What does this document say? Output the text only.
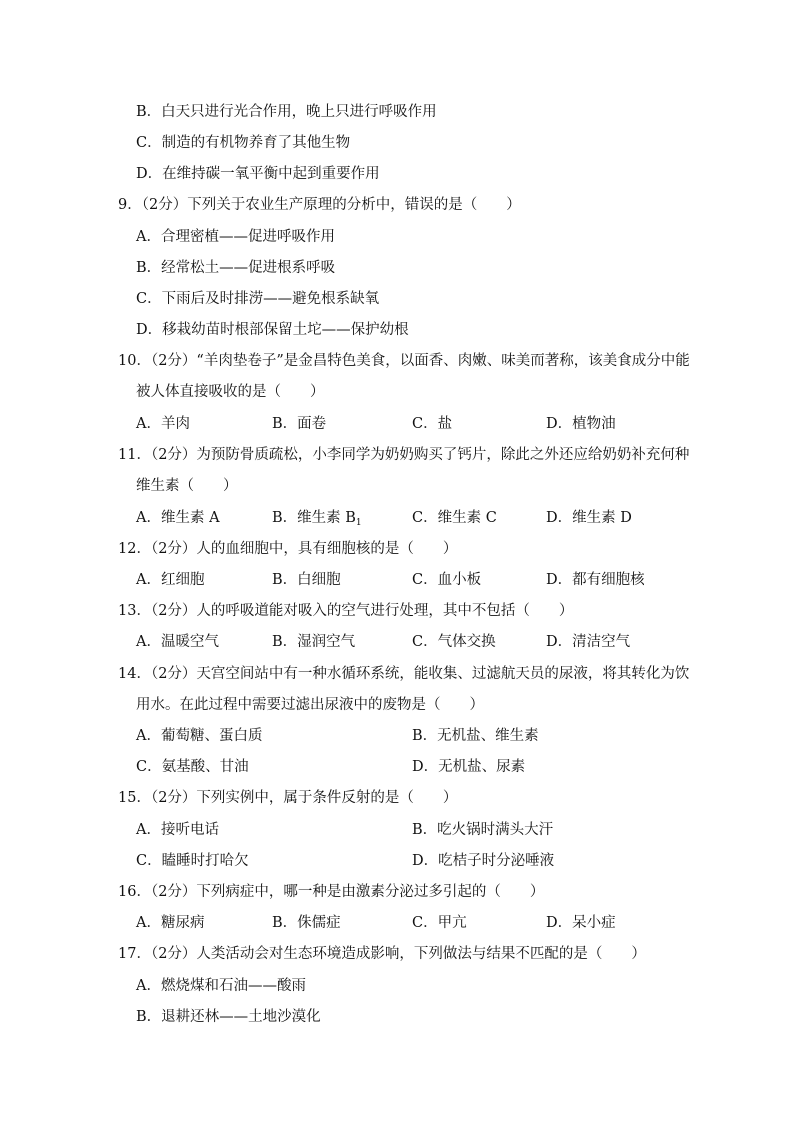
B．白天只进行光合作用，晚上只进行呼吸作用
C．制造的有机物养育了其他生物
D．在维持碳一氧平衡中起到重要作用
9．（2分）下列关于农业生产原理的分析中，错误的是（　　）
A．合理密植——促进呼吸作用
B．经常松土——促进根系呼吸
C．下雨后及时排涝——避免根系缺氧
D．移栽幼苗时根部保留土坨——保护幼根
10．（2分）“羊肉垫卷子”是金昌特色美食，以面香、肉嫩、味美而著称，该美食成分中能
被人体直接吸收的是（　　）
A．羊肉	B．面卷	C．盐	D．植物油
11．（2分）为预防骨质疏松，小李同学为奶奶购买了钙片，除此之外还应给奶奶补充何种
维生素（　　）
A．维生素 A	B．维生素 $B_1$	C．维生素 C	D．维生素 D
12．（2分）人的血细胞中，具有细胞核的是（　　）
A．红细胞	B．白细胞	C．血小板	D．都有细胞核
13．（2分）人的呼吸道能对吸入的空气进行处理，其中不包括（　　）
A．温暖空气	B．湿润空气	C．气体交换	D．清洁空气
14．（2分）天宫空间站中有一种水循环系统，能收集、过滤航天员的尿液，将其转化为饮
用水。在此过程中需要过滤出尿液中的废物是（　　）
A．葡萄糖、蛋白质	B．无机盐、维生素
C．氨基酸、甘油	D．无机盐、尿素
15．（2分）下列实例中，属于条件反射的是（　　）
A．接听电话	B．吃火锅时满头大汗
C．瞌睡时打哈欠	D．吃桔子时分泌唾液
16．（2分）下列病症中，哪一种是由激素分泌过多引起的（　　）
A．糖尿病	B．侏儒症	C．甲亢	D．呆小症
17．（2分）人类活动会对生态环境造成影响，下列做法与结果不匹配的是（　　）
A．燃烧煤和石油——酸雨
B．退耕还林——土地沙漠化
